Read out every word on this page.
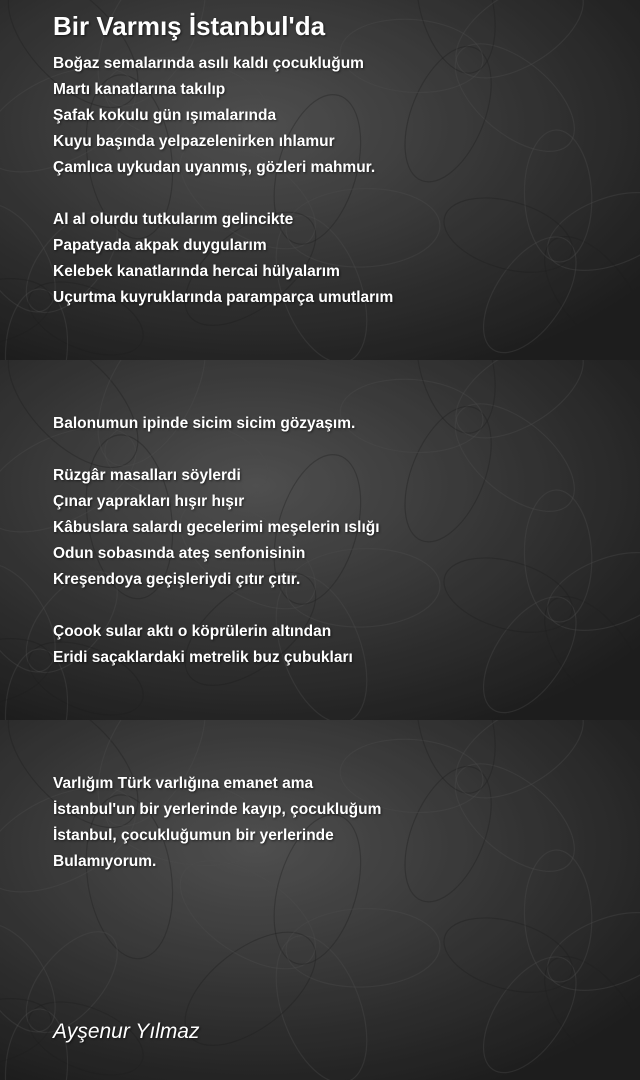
Bir Varmış İstanbul'da
Boğaz semalarında asılı kaldı çocukluğum
Martı kanatlarına takılıp
Şafak kokulu gün ışımalarında
Kuyu başında yelpazelenirken ıhlamur
Çamlıca uykudan uyanmış, gözleri mahmur.
Al al olurdu tutkularım gelincikte
Papatyada akpak duygularım
Kelebek kanatlarında hercai hülyalarım
Uçurtma kuyruklarında paramparça umutlarım
Balonumun ipinde sicim sicim gözyaşım.
Rüzgâr masalları söylerdi
Çınar yaprakları hışır hışır
Kâbuslara salardı gecelerimi meşelerin ıslığı
Odun sobasında ateş senfonisinin
Kreşendoya geçişleriydi çıtır çıtır.
Çoook sular aktı o köprülerin altından
Eridi saçaklardaki metrelik buz çubukları
Varlığım Türk varlığına emanet ama
İstanbul'un bir yerlerinde kayıp, çocukluğum
İstanbul, çocukluğumun bir yerlerinde
Bulamıyorum.

Ayşenur Yılmaz
